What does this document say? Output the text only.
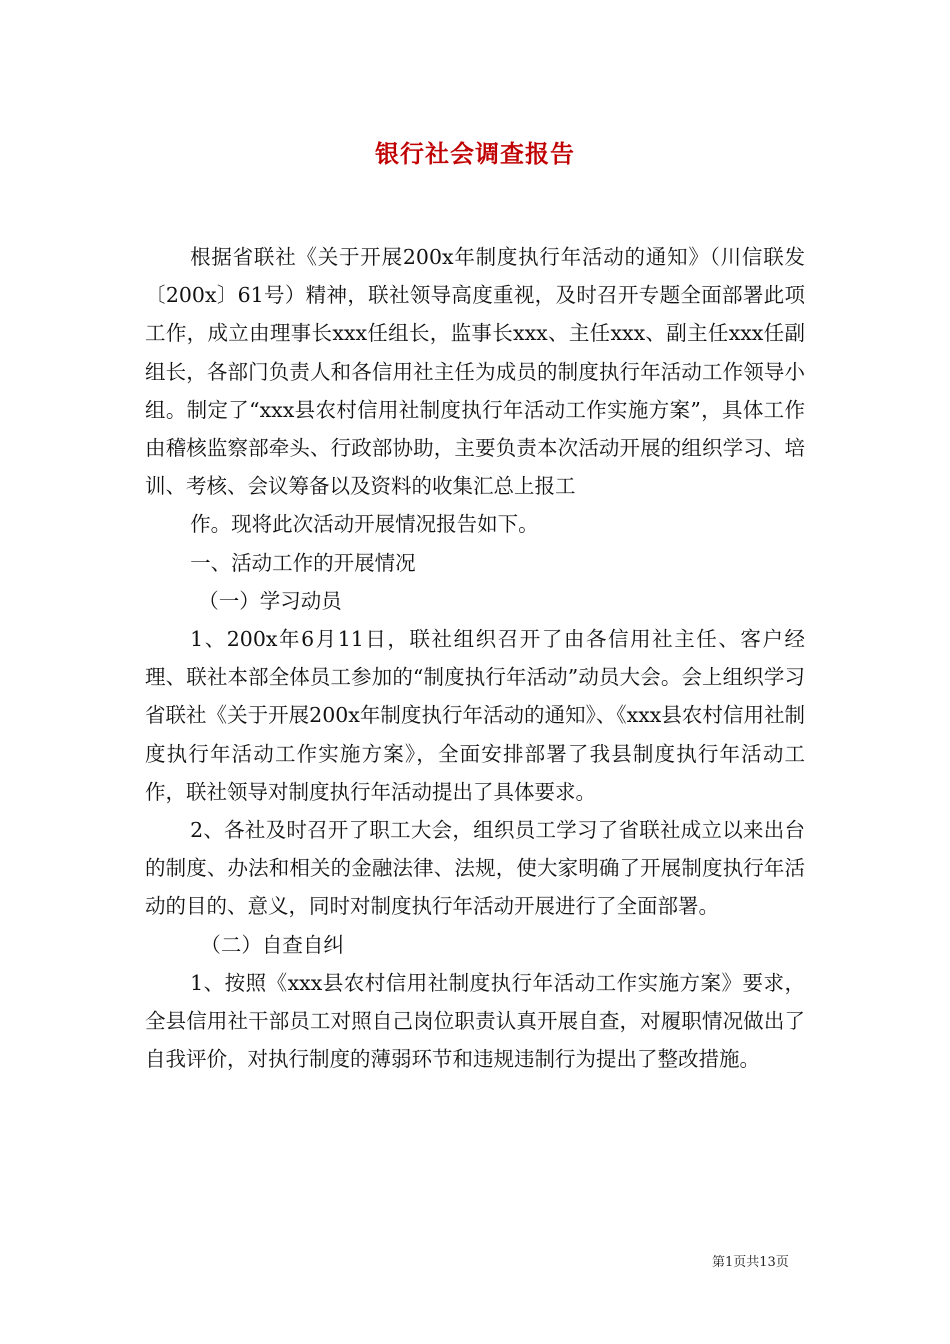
银行社会调查报告

根据省联社《关于开展200x年制度执行年活动的通知》（川信联发〔200x〕61号）精神，联社领导高度重视，及时召开专题全面部署此项工作，成立由理事长xxx任组长，监事长xxx、主任xxx、副主任xxx任副组长，各部门负责人和各信用社主任为成员的制度执行年活动工作领导小组。制定了“xxx县农村信用社制度执行年活动工作实施方案”，具体工作由稽核监察部牵头、行政部协助，主要负责本次活动开展的组织学习、培训、考核、会议筹备以及资料的收集汇总上报工

作。现将此次活动开展情况报告如下。

一、活动工作的开展情况

（一）学习动员

1、200x年6月11日，联社组织召开了由各信用社主任、客户经理、联社本部全体员工参加的“制度执行年活动”动员大会。会上组织学习省联社《关于开展200x年制度执行年活动的通知》、《xxx县农村信用社制度执行年活动工作实施方案》，全面安排部署了我县制度执行年活动工作，联社领导对制度执行年活动提出了具体要求。

2、各社及时召开了职工大会，组织员工学习了省联社成立以来出台的制度、办法和相关的金融法律、法规，使大家明确了开展制度执行年活动的目的、意义，同时对制度执行年活动开展进行了全面部署。

（二）自查自纠

1、按照《xxx县农村信用社制度执行年活动工作实施方案》要求，全县信用社干部员工对照自己岗位职责认真开展自查，对履职情况做出了自我评价，对执行制度的薄弱环节和违规违制行为提出了整改措施。

第1页共13页
